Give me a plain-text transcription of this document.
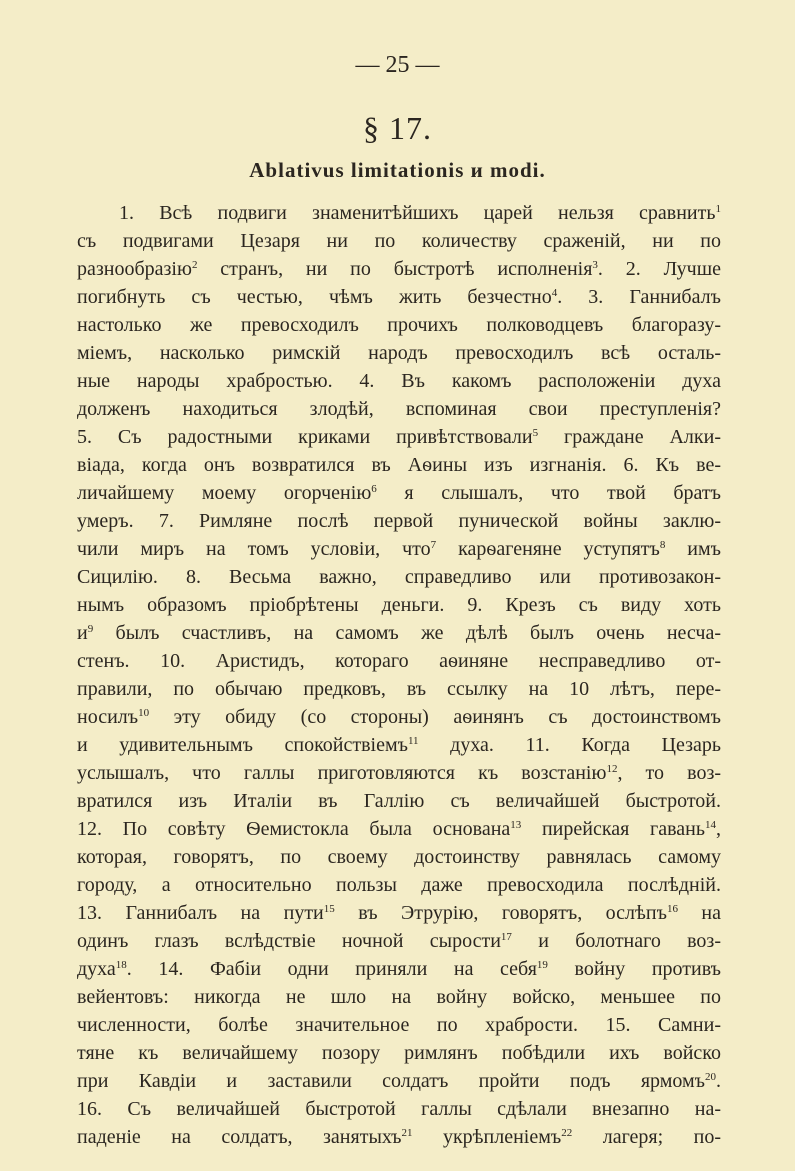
— 25 —
§ 17.
Ablativus limitationis и modi.
1. Всѣ подвиги знаменитѣйшихъ царей нельзя сравнить$^1$
съ подвигами Цезаря ни по количеству сраженій, ни по
разнообразію$^2$ странъ, ни по быстротѣ исполненія$^3$. 2. Лучше
погибнуть съ честью, чѣмъ жить безчестно$^4$. 3. Ганнибалъ
настолько же превосходилъ прочихъ полководцевъ благоразу-
міемъ, насколько римскій народъ превосходилъ всѣ осталь-
ные народы храбростью. 4. Въ какомъ расположеніи духа
долженъ находиться злодѣй, вспоминая свои преступленія?
5. Съ радостными криками привѣтствовали$^5$ граждане Алки-
віада, когда онъ возвратился въ Аѳины изъ изгнанія. 6. Къ ве-
личайшему моему огорченію$^6$ я слышалъ, что твой братъ
умеръ. 7. Римляне послѣ первой пунической войны заклю-
чили миръ на томъ условіи, что$^7$ карѳагеняне уступятъ$^8$ имъ
Сицилію. 8. Весьма важно, справедливо или противозакон-
нымъ образомъ пріобрѣтены деньги. 9. Крезъ съ виду хоть
$и^9$ былъ счастливъ, на самомъ же дѣлѣ былъ очень несча-
стенъ. 10. Аристидъ, котораго аѳиняне несправедливо от-
правили, по обычаю предковъ, въ ссылку на 10 лѣтъ, пере-
носилъ$^{10}$ эту обиду (со стороны) аѳинянъ съ достоинствомъ
и удивительнымъ спокойствіемъ$^{11}$ духа. 11. Когда Цезарь
услышалъ, что галлы приготовляются къ возстанію$^{12}$, то воз-
вратился изъ Италіи въ Галлію съ величайшей быстротой.
12. По совѣту Ѳемистокла была основана$^{13}$ пирейская гавань$^{14}$,
которая, говорятъ, по своему достоинству равнялась самому
городу, а относительно пользы даже превосходила послѣдній.
13. Ганнибалъ на пути$^{15}$ въ Этрурію, говорятъ, ослѣпъ$^{16}$ на
одинъ глазъ вслѣдствіе ночной сырости$^{17}$ и болотнаго воз-
духа$^{18}$. 14. Фабіи одни приняли на себя$^{19}$ войну противъ
вейентовъ: никогда не шло на войну войско, меньшее по
численности, болѣе значительное по храбрости. 15. Самни-
тяне къ величайшему позору римлянъ побѣдили ихъ войско
при Кавдіи и заставили солдатъ пройти подъ ярмомъ$^{20}$.
16. Съ величайшей быстротой галлы сдѣлали внезапно на-
паденіе на солдатъ, занятыхъ$^{21}$ укрѣпленіемъ$^{22}$ лагеря; по-
